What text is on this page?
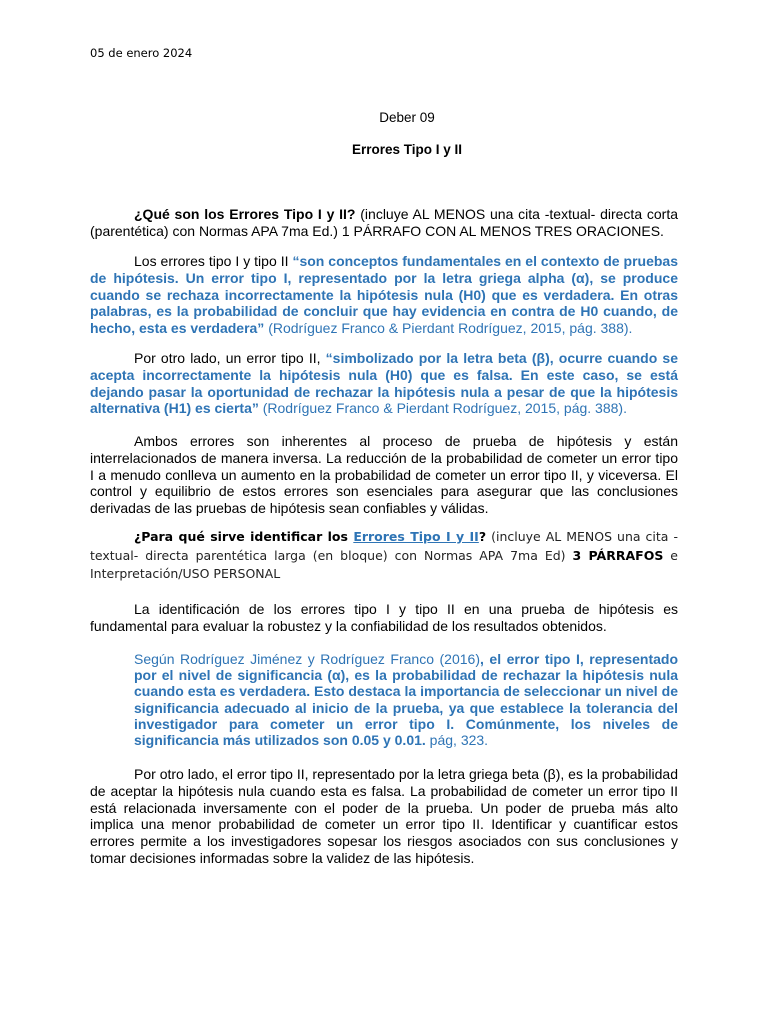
05 de enero 2024
Deber 09
Errores Tipo I y II
¿Qué son los Errores Tipo I y II? (incluye AL MENOS una cita -textual- directa corta (parentética) con Normas APA 7ma Ed.) 1 PÁRRAFO CON AL MENOS TRES ORACIONES.
Los errores tipo I y tipo II “son conceptos fundamentales en el contexto de pruebas de hipótesis. Un error tipo I, representado por la letra griega alpha (α), se produce cuando se rechaza incorrectamente la hipótesis nula (H0) que es verdadera. En otras palabras, es la probabilidad de concluir que hay evidencia en contra de H0 cuando, de hecho, esta es verdadera” (Rodríguez Franco & Pierdant Rodríguez, 2015, pág. 388).
Por otro lado, un error tipo II, “simbolizado por la letra beta (β), ocurre cuando se acepta incorrectamente la hipótesis nula (H0) que es falsa. En este caso, se está dejando pasar la oportunidad de rechazar la hipótesis nula a pesar de que la hipótesis alternativa (H1) es cierta” (Rodríguez Franco & Pierdant Rodríguez, 2015, pág. 388).
Ambos errores son inherentes al proceso de prueba de hipótesis y están interrelacionados de manera inversa. La reducción de la probabilidad de cometer un error tipo I a menudo conlleva un aumento en la probabilidad de cometer un error tipo II, y viceversa. El control y equilibrio de estos errores son esenciales para asegurar que las conclusiones derivadas de las pruebas de hipótesis sean confiables y válidas.
¿Para qué sirve identificar los Errores Tipo I y II? (incluye AL MENOS una cita -textual- directa parentética larga (en bloque) con Normas APA 7ma Ed) 3 PÁRRAFOS e Interpretación/USO PERSONAL
La identificación de los errores tipo I y tipo II en una prueba de hipótesis es fundamental para evaluar la robustez y la confiabilidad de los resultados obtenidos.
Según Rodríguez Jiménez y Rodríguez Franco (2016), el error tipo I, representado por el nivel de significancia (α), es la probabilidad de rechazar la hipótesis nula cuando esta es verdadera. Esto destaca la importancia de seleccionar un nivel de significancia adecuado al inicio de la prueba, ya que establece la tolerancia del investigador para cometer un error tipo I. Comúnmente, los niveles de significancia más utilizados son 0.05 y 0.01. pág, 323.
Por otro lado, el error tipo II, representado por la letra griega beta (β), es la probabilidad de aceptar la hipótesis nula cuando esta es falsa. La probabilidad de cometer un error tipo II está relacionada inversamente con el poder de la prueba. Un poder de prueba más alto implica una menor probabilidad de cometer un error tipo II. Identificar y cuantificar estos errores permite a los investigadores sopesar los riesgos asociados con sus conclusiones y tomar decisiones informadas sobre la validez de las hipótesis.
